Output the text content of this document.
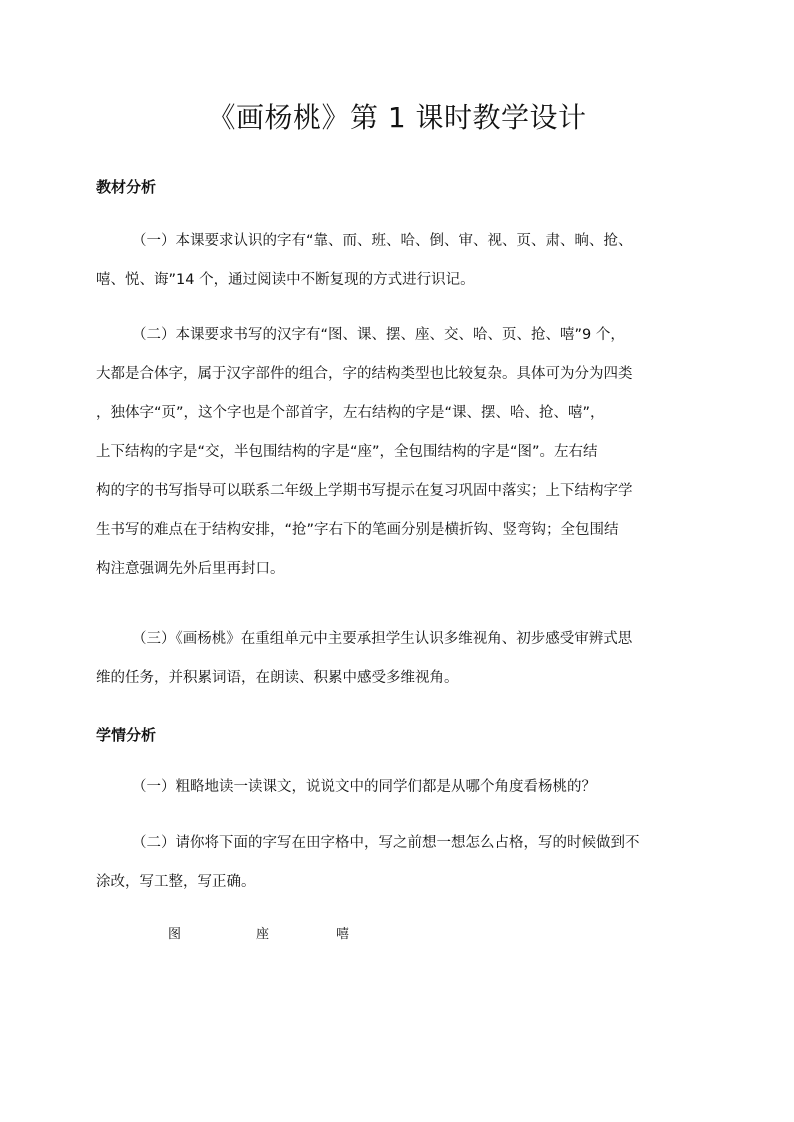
《画杨桃》第 1 课时教学设计
教材分析
（一）本课要求认识的字有“靠、而、班、哈、倒、审、视、页、肃、晌、抢、
嘻、悦、诲”14 个，通过阅读中不断复现的方式进行识记。
（二）本课要求书写的汉字有“图、课、摆、座、交、哈、页、抢、嘻”9 个，
大都是合体字，属于汉字部件的组合，字的结构类型也比较复杂。具体可为分为四类
，独体字“页”，这个字也是个部首字，左右结构的字是“课、摆、哈、抢、嘻”，
上下结构的字是“交，半包围结构的字是“座”，全包围结构的字是“图”。左右结
构的字的书写指导可以联系二年级上学期书写提示在复习巩固中落实；上下结构字学
生书写的难点在于结构安排，“抢”字右下的笔画分别是横折钩、竖弯钩；全包围结
构注意强调先外后里再封口。
（三）《画杨桃》在重组单元中主要承担学生认识多维视角、初步感受审辨式思
维的任务，并积累词语，在朗读、积累中感受多维视角。
学情分析
（一）粗略地读一读课文，说说文中的同学们都是从哪个角度看杨桃的？
（二）请你将下面的字写在田字格中，写之前想一想怎么占格，写的时候做到不
涂改，写工整，写正确。
图	座	嘻
